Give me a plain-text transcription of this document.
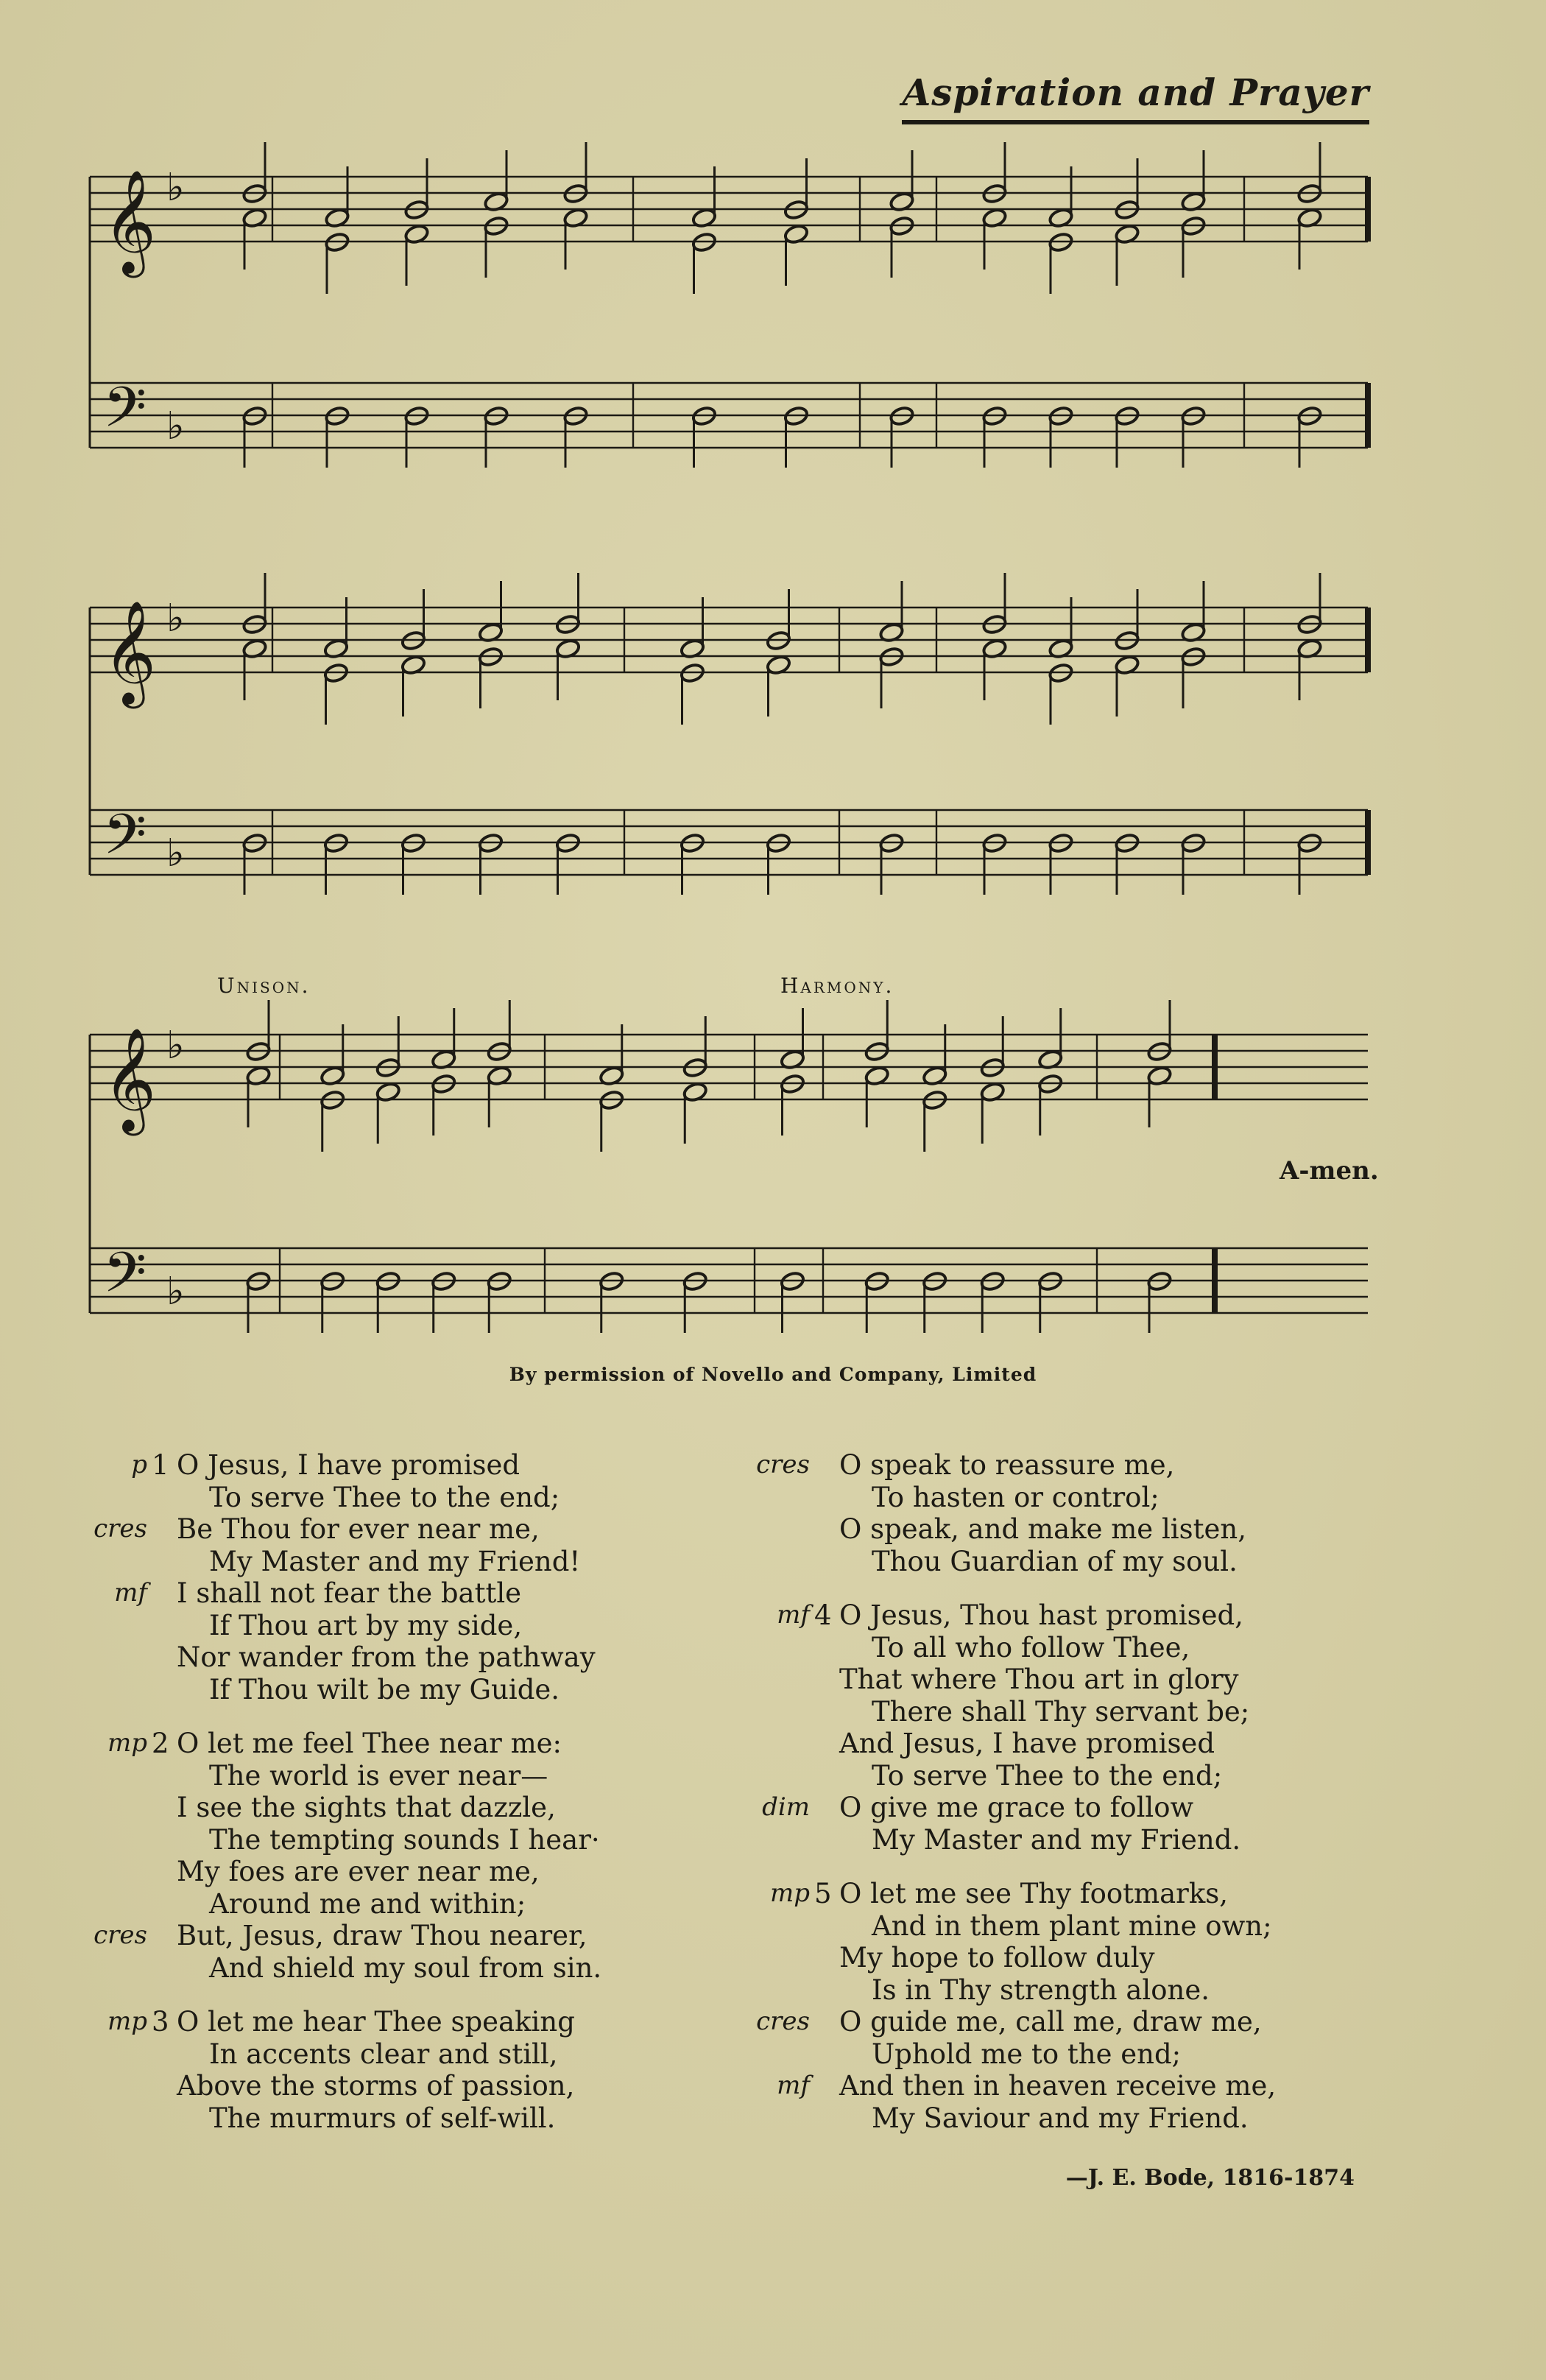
Aspiration and Prayer
𝄞 ♭
𝄢 ♭
𝄞 ♭
𝄢 ♭
𝄞 ♭
𝄢 ♭
Unison.	Harmony.
A-men.
By permission of Novello and Company, Limited
p 1 O Jesus, I have promised
To serve Thee to the end;
cres Be Thou for ever near me,
My Master and my Friend!
mf I shall not fear the battle
If Thou art by my side,
Nor wander from the pathway
If Thou wilt be my Guide.
mp 2 O let me feel Thee near me:
The world is ever near—
I see the sights that dazzle,
The tempting sounds I hear·
My foes are ever near me,
Around me and within;
cres But, Jesus, draw Thou nearer,
And shield my soul from sin.
mp 3 O let me hear Thee speaking
In accents clear and still,
Above the storms of passion,
The murmurs of self-will.
cres O speak to reassure me,
To hasten or control;
O speak, and make me listen,
Thou Guardian of my soul.
mf 4 O Jesus, Thou hast promised,
To all who follow Thee,
That where Thou art in glory
There shall Thy servant be;
And Jesus, I have promised
To serve Thee to the end;
dim O give me grace to follow
My Master and my Friend.
mp 5 O let me see Thy footmarks,
And in them plant mine own;
My hope to follow duly
Is in Thy strength alone.
cres O guide me, call me, draw me,
Uphold me to the end;
mf And then in heaven receive me,
My Saviour and my Friend.
—J. E. Bode, 1816-1874
